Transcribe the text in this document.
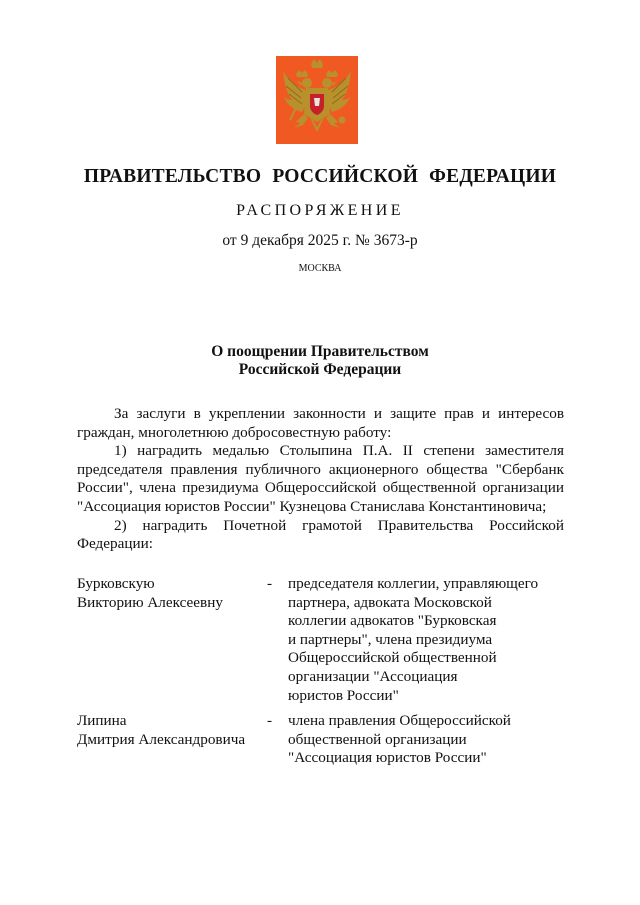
ПРАВИТЕЛЬСТВО РОССИЙСКОЙ ФЕДЕРАЦИИ
РАСПОРЯЖЕНИЕ
от 9 декабря 2025 г. № 3673-р
МОСКВА
О поощрении Правительством
Российской Федерации

За заслуги в укреплении законности и защите прав и интересов граждан, многолетнюю добросовестную работу:

1) наградить медалью Столыпина П.А. II степени заместителя председателя правления публичного акционерного общества "Сбербанк России", члена президиума Общероссийской общественной организации "Ассоциация юристов России" Кузнецова Станислава Константиновича;

2) наградить Почетной грамотой Правительства Российской Федерации:

Бурковскую
Викторию Алексеевну
- председателя коллегии, управляющего
партнера, адвоката Московской
коллегии адвокатов "Бурковская
и партнеры", члена президиума
Общероссийской общественной
организации "Ассоциация
юристов России"
Липина
Дмитрия Александровича
- члена правления Общероссийской
общественной организации
"Ассоциация юристов России"
